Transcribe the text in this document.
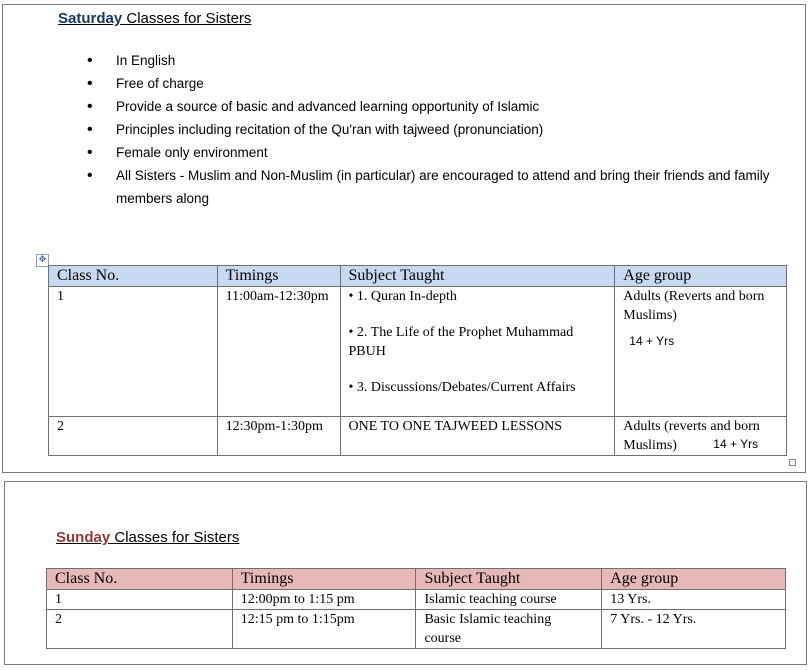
Saturday Classes for Sisters
• In English
• Free of charge
• Provide a source of basic and advanced learning opportunity of Islamic
• Principles including recitation of the Qu'ran with tajweed (pronunciation)
• Female only environment
• All Sisters - Muslim and Non-Muslim (in particular) are encouraged to attend and bring their friends and family members along
✥
Class No.	Timings	Subject Taught	Age group
1	11:00am-12:30pm	• 1. Quran In-depth
• 2. The Life of the Prophet Muhammad PBUH
• 3. Discussions/Debates/Current Affairs	Adults (Reverts and born Muslims)
14 + Yrs

2	12:30pm-1:30pm	ONE TO ONE TAJWEED LESSONS	Adults (reverts and born Muslims) 14 + Yrs
Sunday Classes for Sisters
Class No.	Timings	Subject Taught	Age group
1	12:00pm to 1:15 pm	Islamic teaching course	13 Yrs.
2	12:15 pm to 1:15pm	Basic Islamic teaching course	7 Yrs. - 12 Yrs.
